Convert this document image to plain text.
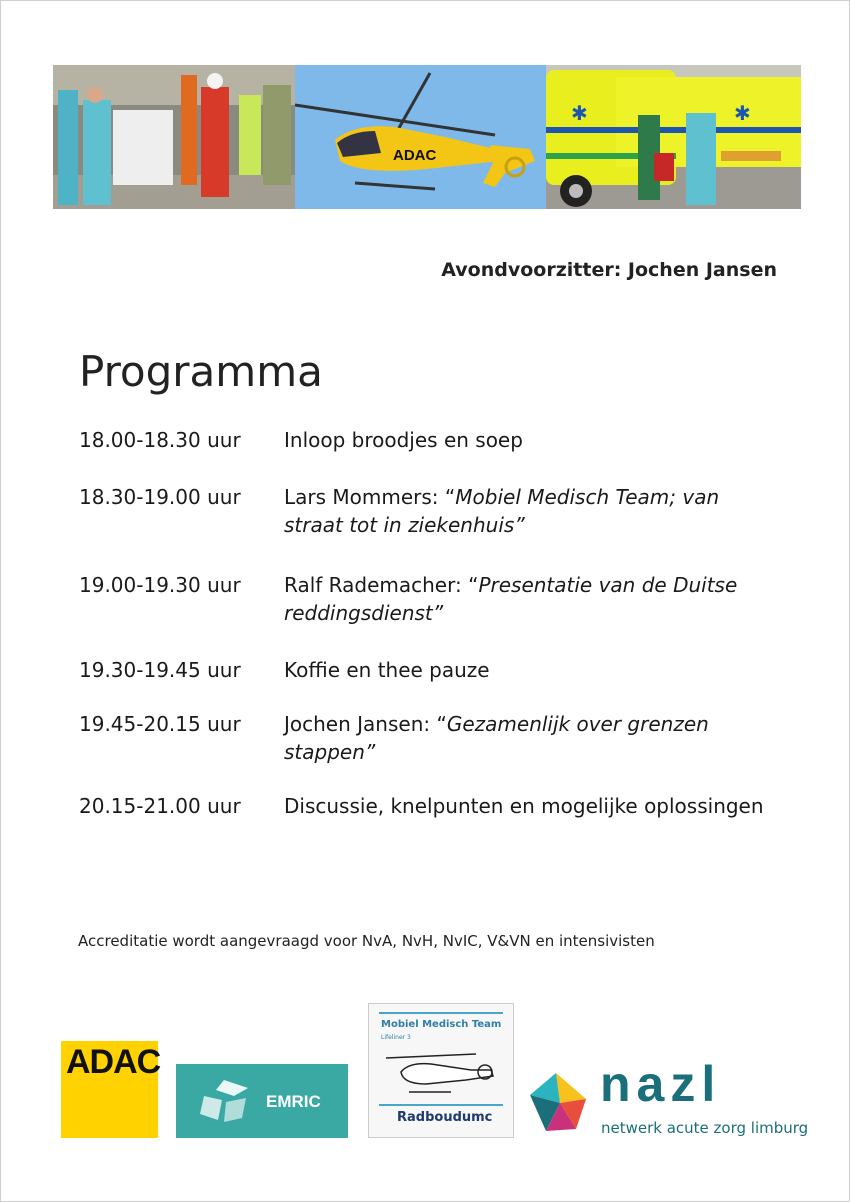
ADAC
✱	✱
Avondvoorzitter: Jochen Jansen
Programma
18.00-18.30 uur	Inloop broodjes en soep
18.30-19.00 uur	Lars Mommers: “Mobiel Medisch Team; van straat tot in ziekenhuis”
19.00-19.30 uur	Ralf Rademacher: “Presentatie van de Duitse reddingsdienst”
19.30-19.45 uur	Koffie en thee pauze
19.45-20.15 uur	Jochen Jansen: “Gezamenlijk over grenzen stappen”
20.15-21.00 uur	Discussie, knelpunten en mogelijke oplossingen
Accreditatie wordt aangevraagd voor NvA, NvH, NvIC, V&VN en intensivisten
ADAC
EMRIC
Mobiel Medisch Team
Lifeliner 3
Radboudumc
nazl
netwerk acute zorg limburg
